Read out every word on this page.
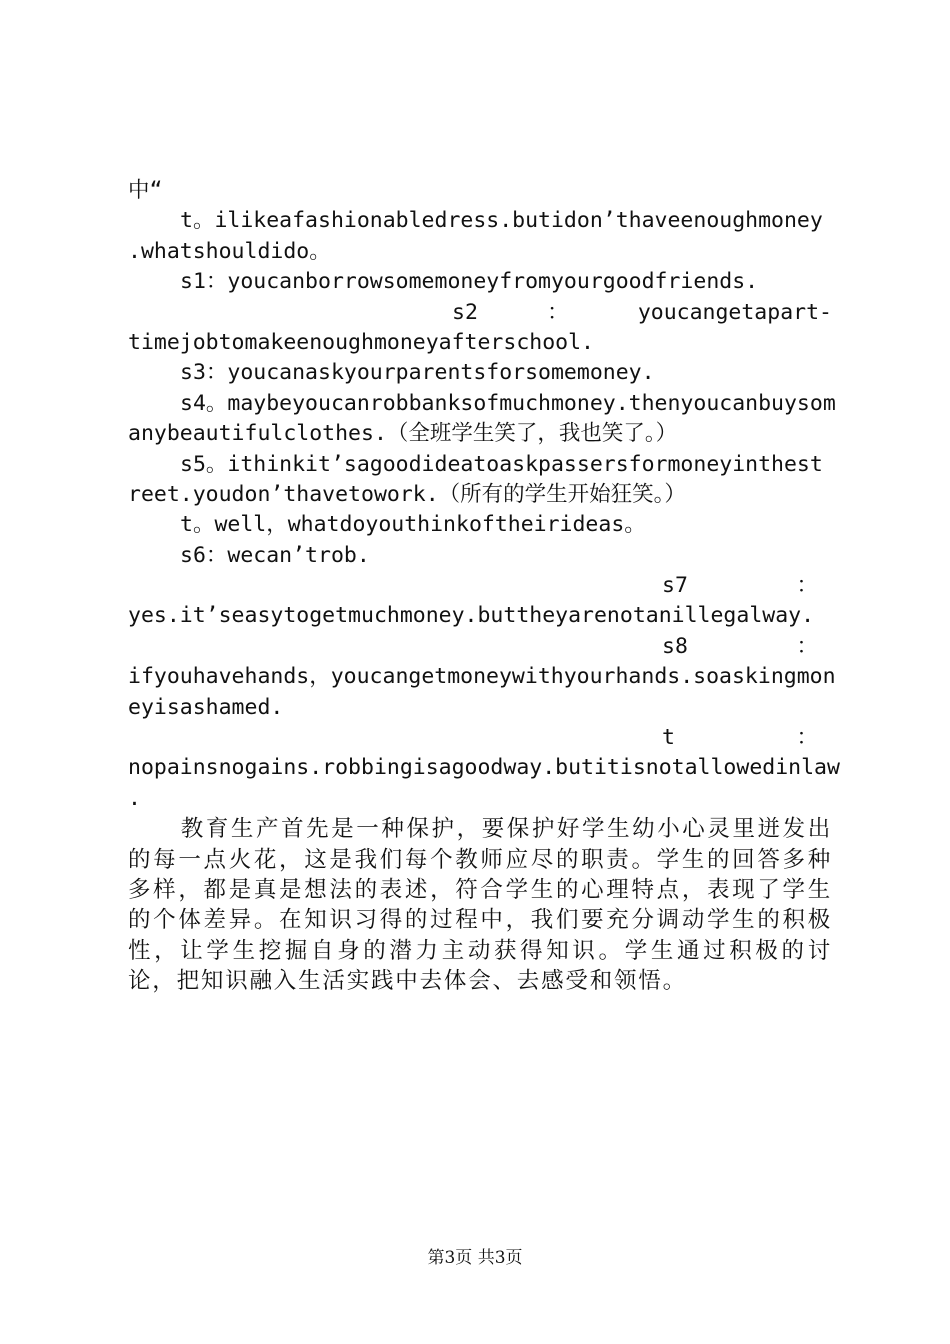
中“
t。ilikeafashionabledress.butidon’thaveenoughmoney
.whatshouldido。
s1：youcanborrowsomemoneyfromyourgoodfriends.
s2	：	youcangetapart-
timejobtomakeenoughmoneyafterschool.
s3：youcanaskyourparentsforsomemoney.
s4。maybeyoucanrobbanksofmuchmoney.thenyoucanbuysom
anybeautifulclothes.（全班学生笑了，我也笑了。）
s5。ithinkit’sagoodideatoaskpassersformoneyinthest
reet.youdon’thavetowork.（所有的学生开始狂笑。）
t。well，whatdoyouthinkoftheirideas。
s6：wecan’trob.
s7	：
yes.it’seasytogetmuchmoney.buttheyarenotanillegalway.
s8	：
ifyouhavehands，youcangetmoneywithyourhands.soaskingmon
eyisashamed.
t	：
nopainsnogains.robbingisagoodway.butitisnotallowedinlaw
.
教育生产首先是一种保护，要保护好学生幼小心灵里迸发出的每一点火花，这是我们每个教师应尽的职责。学生的回答多种多样，都是真是想法的表述，符合学生的心理特点，表现了学生的个体差异。在知识习得的过程中，我们要充分调动学生的积极性，让学生挖掘自身的潜力主动获得知识。学生通过积极的讨论，把知识融入生活实践中去体会、去感受和领悟。
第3页 共3页
